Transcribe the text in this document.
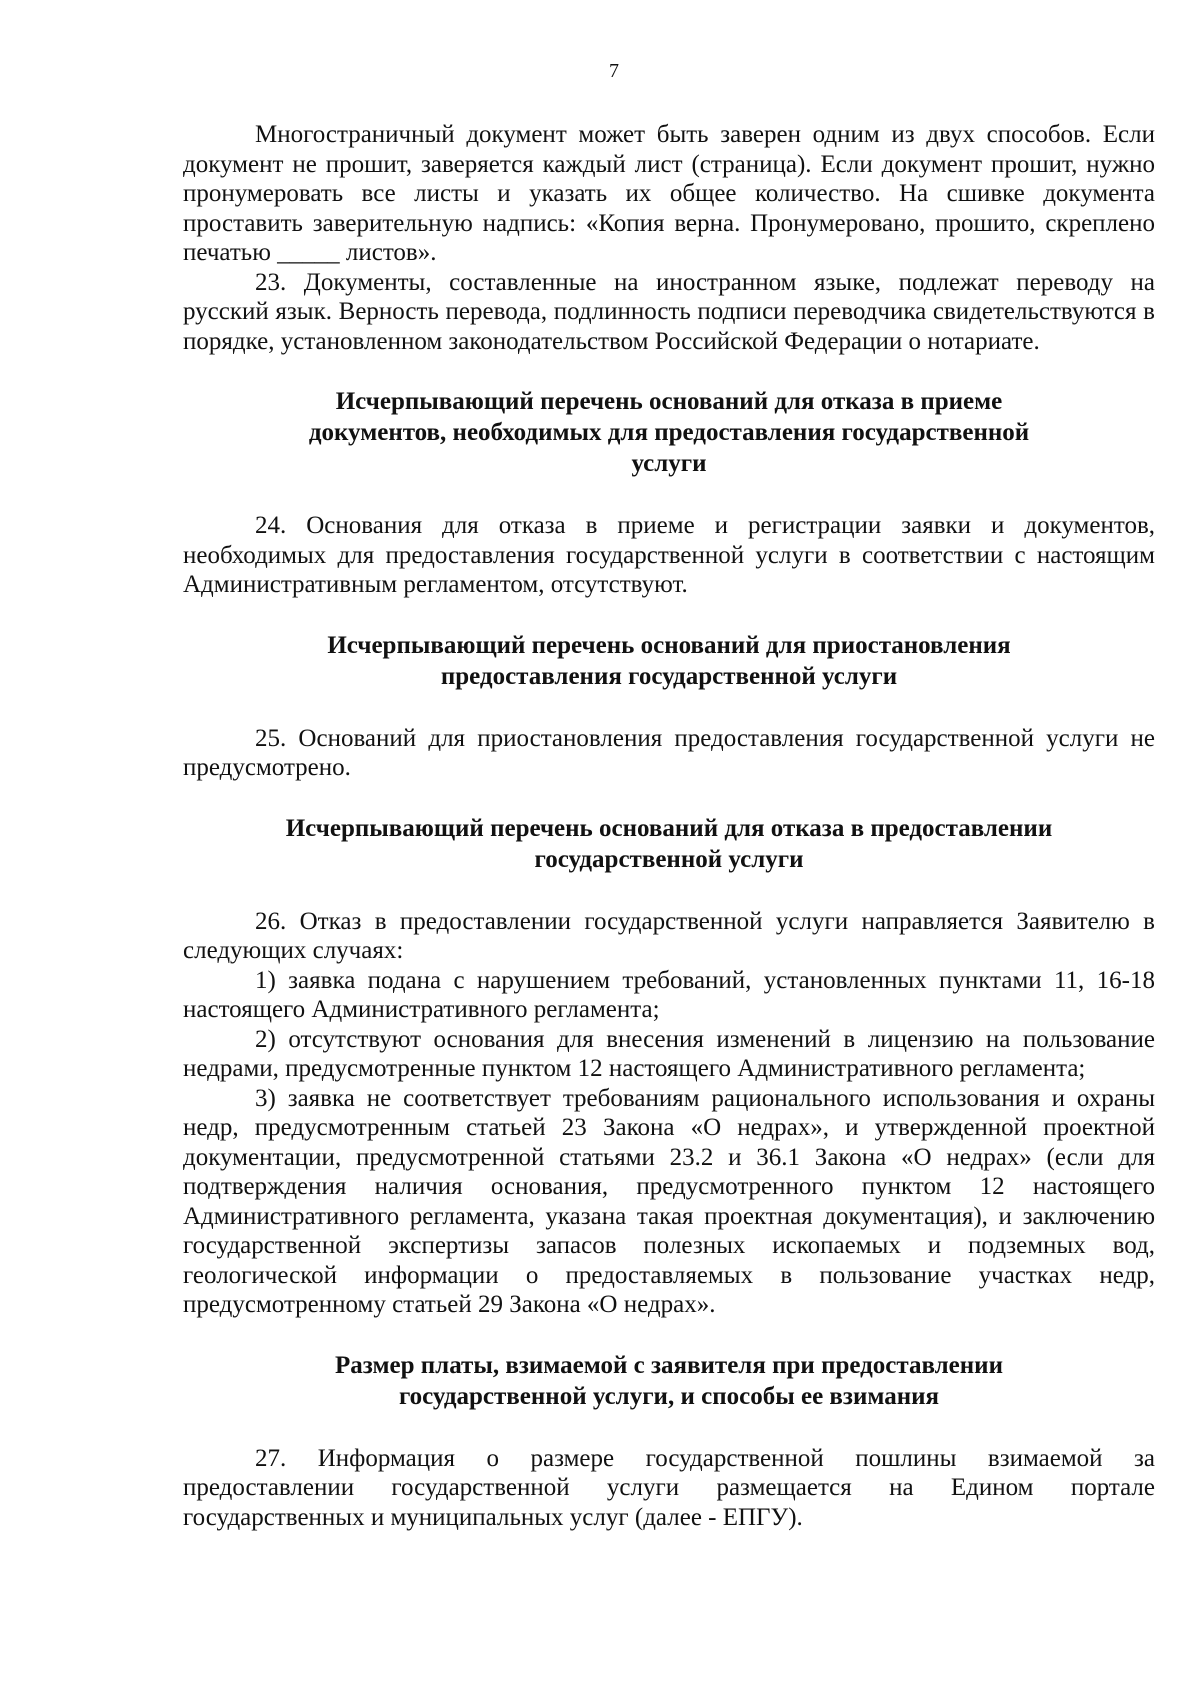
7

Многостраничный документ может быть заверен одним из двух способов. Если документ не прошит, заверяется каждый лист (страница). Если документ прошит, нужно пронумеровать все листы и указать их общее количество. На сшивке документа проставить заверительную надпись: «Копия верна. Пронумеровано, прошито, скреплено печатью _____ листов».

23. Документы, составленные на иностранном языке, подлежат переводу на русский язык. Верность перевода, подлинность подписи переводчика свидетельствуются в порядке, установленном законодательством Российской Федерации о нотариате.

Исчерпывающий перечень оснований для отказа в приеме документов, необходимых для предоставления государственной услуги

24. Основания для отказа в приеме и регистрации заявки и документов, необходимых для предоставления государственной услуги в соответствии с настоящим Административным регламентом, отсутствуют.

Исчерпывающий перечень оснований для приостановления предоставления государственной услуги

25. Оснований для приостановления предоставления государственной услуги не предусмотрено.

Исчерпывающий перечень оснований для отказа в предоставлении государственной услуги

26. Отказ в предоставлении государственной услуги направляется Заявителю в следующих случаях:

1) заявка подана с нарушением требований, установленных пунктами 11, 16-18 настоящего Административного регламента;

2) отсутствуют основания для внесения изменений в лицензию на пользование недрами, предусмотренные пунктом 12 настоящего Административного регламента;

3) заявка не соответствует требованиям рационального использования и охраны недр, предусмотренным статьей 23 Закона «О недрах», и утвержденной проектной документации, предусмотренной статьями 23.2 и 36.1 Закона «О недрах» (если для подтверждения наличия основания, предусмотренного пунктом 12 настоящего Административного регламента, указана такая проектная документация), и заключению государственной экспертизы запасов полезных ископаемых и подземных вод, геологической информации о предоставляемых в пользование участках недр, предусмотренному статьей 29 Закона «О недрах».

Размер платы, взимаемой с заявителя при предоставлении государственной услуги, и способы ее взимания

27. Информация о размере государственной пошлины взимаемой за предоставлении государственной услуги размещается на Едином портале государственных и муниципальных услуг (далее - ЕПГУ).
